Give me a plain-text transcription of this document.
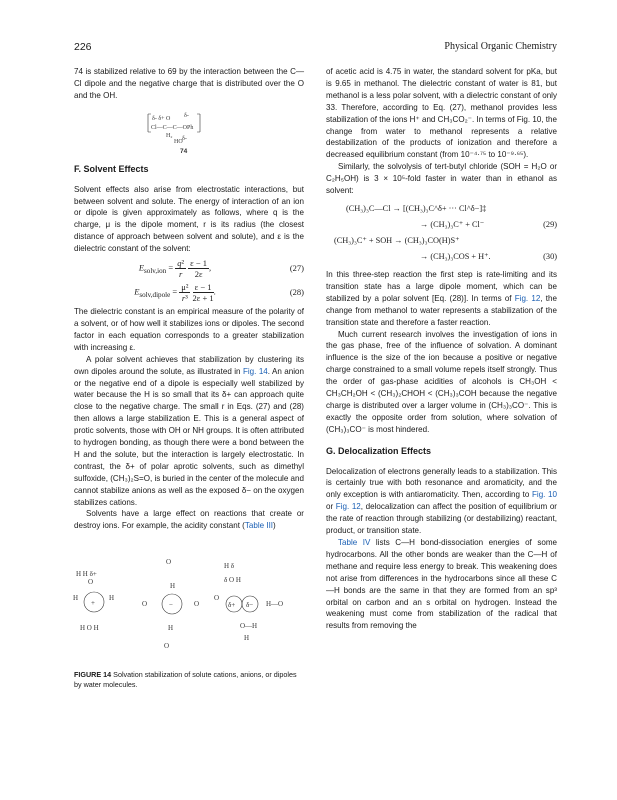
226	Physical Organic Chemistry

74 is stabilized relative to 69 by the interaction between the C—Cl dipole and the negative charge that is distributed over the O and the OH.

δ- δ+ O δ-
Cl—C—C—OPh
H₂
HO δ-
74
F. Solvent Effects

Solvent effects also arise from electrostatic interactions, but between solvent and solute. The energy of interaction of an ion or dipole is given approximately as follows, where q is the charge, μ is the dipole moment, r is its radius (the closest distance of approach between solvent and solute), and ε is the dielectric constant of the solvent:

$E_{solv,ion} = \frac{\text{q²}}{r}$
$\frac{\varepsilon - 1}{2\varepsilon}$ ,	(27)
$E_{solv,dipole} = \frac{\text{μ²}}{\text{r³}}$
$\frac{\varepsilon - 1}{2\varepsilon + 1}$ .	(28)

The dielectric constant is an empirical measure of the polarity of a solvent, or of how well it stabilizes ions or dipoles. The second factor in each equation corresponds to a greater stabilization with increasing ε.

A polar solvent achieves that stabilization by clustering its own dipoles around the solute, as illustrated in Fig. 14. An anion or the negative end of a dipole is especially well stabilized by water because the H is so small that its δ+ can approach quite close to the negative charge. The small r in Eqs. (27) and (28) then allows a large stabilization E. This is a general aspect of protic solvents, those with OH or NH groups. It is often attributed to hydrogen bonding, as though there were a bond between the H and the solute, but the interaction is largely electrostatic. In contrast, the δ+ of polar aprotic solvents, such as dimethyl sulfoxide, (CH₃)₂S=O, is buried in the center of the molecule and cannot stabilize anions as well as the exposed δ− on the oxygen stabilizes cations.

Solvents have a large effect on reactions that create or destroy ions. For example, the acidity constant (Table III)

+
H H δ+
O
H	H
H O H
−
O
H
O	O
H
O
δ+ δ−
H δ
δ O H
O
H—O
O—H
H
FIGURE 14 Solvation stabilization of solute cations, anions, or dipoles by water molecules.

of acetic acid is 4.75 in water, the standard solvent for pKa, but is 9.65 in methanol. The dielectric constant of water is 81, but methanol is a less polar solvent, with a dielectric constant of only 33. Therefore, according to Eq. (27), methanol provides less stabilization of the ions H⁺ and CH₃CO₂⁻. In terms of Fig. 10, the change from water to methanol represents a relative destabilization of the products of ionization and therefore a decreased equilibrium constant (from 10⁻⁴·⁷⁵ to 10⁻⁹·⁶⁵).

Similarly, the solvolysis of tert-butyl chloride (SOH = H₂O or C₂H₅OH) is 3 × 10⁵-fold faster in water than in ethanol as solvent:

(CH₃)₃C—Cl → [(CH₃)₃C^δ+ ··· Cl^δ−]‡
→ (CH₃)₃C⁺ + Cl⁻	(29)
(CH₃)₃C⁺ + SOH → (CH₃)₃CO(H)S⁺
→ (CH₃)₃COS + H⁺.	(30)

In this three-step reaction the first step is rate-limiting and its transition state has a large dipole moment, which can be stabilized by a polar solvent [Eq. (28)]. In terms of Fig. 12, the change from methanol to water represents a stabilization of the transition state and therefore a faster reaction.

Much current research involves the investigation of ions in the gas phase, free of the influence of solvation. A dominant influence is the size of the ion because a positive or negative charge constrained to a small volume repels itself strongly. Thus the order of gas-phase acidities of alcohols is CH₃OH < CH₃CH₂OH < (CH₃)₂CHOH < (CH₃)₃COH because the negative charge is distributed over a larger volume in (CH₃)₃CO⁻. This is exactly the opposite order from solution, where solvation of (CH₃)₃CO⁻ is most hindered.

G. Delocalization Effects

Delocalization of electrons generally leads to a stabilization. This is certainly true with both resonance and aromaticity, and the only exception is with antiaromaticity. Then, according to Fig. 10 or Fig. 12, delocalization can affect the position of equilibrium or the rate of reaction through stabilizing (or destabilizing) reactant, product, or transition state.

Table IV lists C—H bond-dissociation energies of some hydrocarbons. All the other bonds are weaker than the C—H of methane and require less energy to break. This weakening does not arise from differences in the hydrocarbons since all these C—H bonds are the same in that they are formed from an sp³ orbital on carbon and an s orbital on hydrogen. Instead the weakening must come from stabilization of the radical that results from removing the
